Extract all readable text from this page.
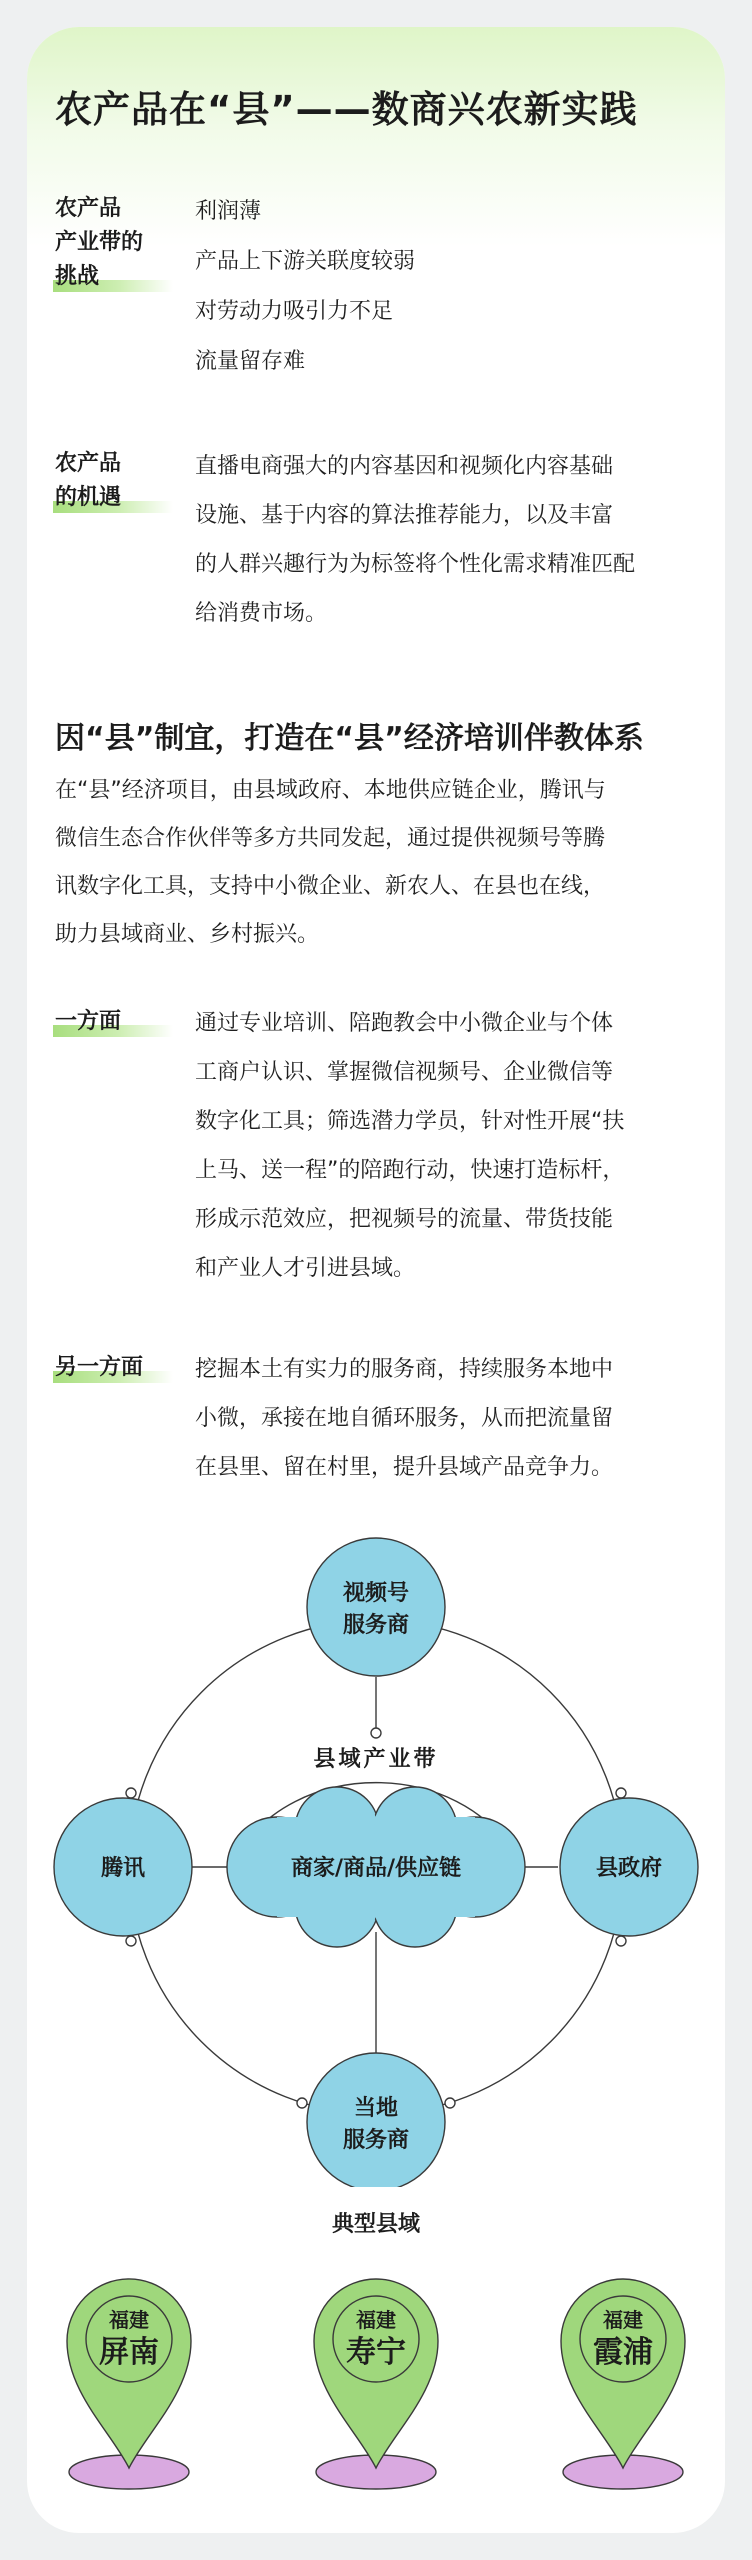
农产品在“县”——数商兴农新实践
农产品
产业带的
挑战
利润薄
产品上下游关联度较弱
对劳动力吸引力不足
流量留存难
农产品
的机遇
直播电商强大的内容基因和视频化内容基础
设施、基于内容的算法推荐能力，以及丰富
的人群兴趣行为为标签将个性化需求精准匹配
给消费市场。
因“县”制宜，打造在“县”经济培训伴教体系
在“县”经济项目，由县域政府、本地供应链企业，腾讯与
微信生态合作伙伴等多方共同发起，通过提供视频号等腾
讯数字化工具，支持中小微企业、新农人、在县也在线，
助力县域商业、乡村振兴。
一方面	通过专业培训、陪跑教会中小微企业与个体
工商户认识、掌握微信视频号、企业微信等
数字化工具；筛选潜力学员，针对性开展“扶
上马、送一程”的陪跑行动，快速打造标杆，
形成示范效应，把视频号的流量、带货技能
和产业人才引进县域。
另一方面	挖掘本土有实力的服务商，持续服务本地中
小微，承接在地自循环服务，从而把流量留
在县里、留在村里，提升县域产品竞争力。
视频号
服务商
腾讯	县政府
当地
服务商
商家/商品/供应链
县域产业带
典型县域
福建
屏南
福建
寿宁
福建
霞浦
